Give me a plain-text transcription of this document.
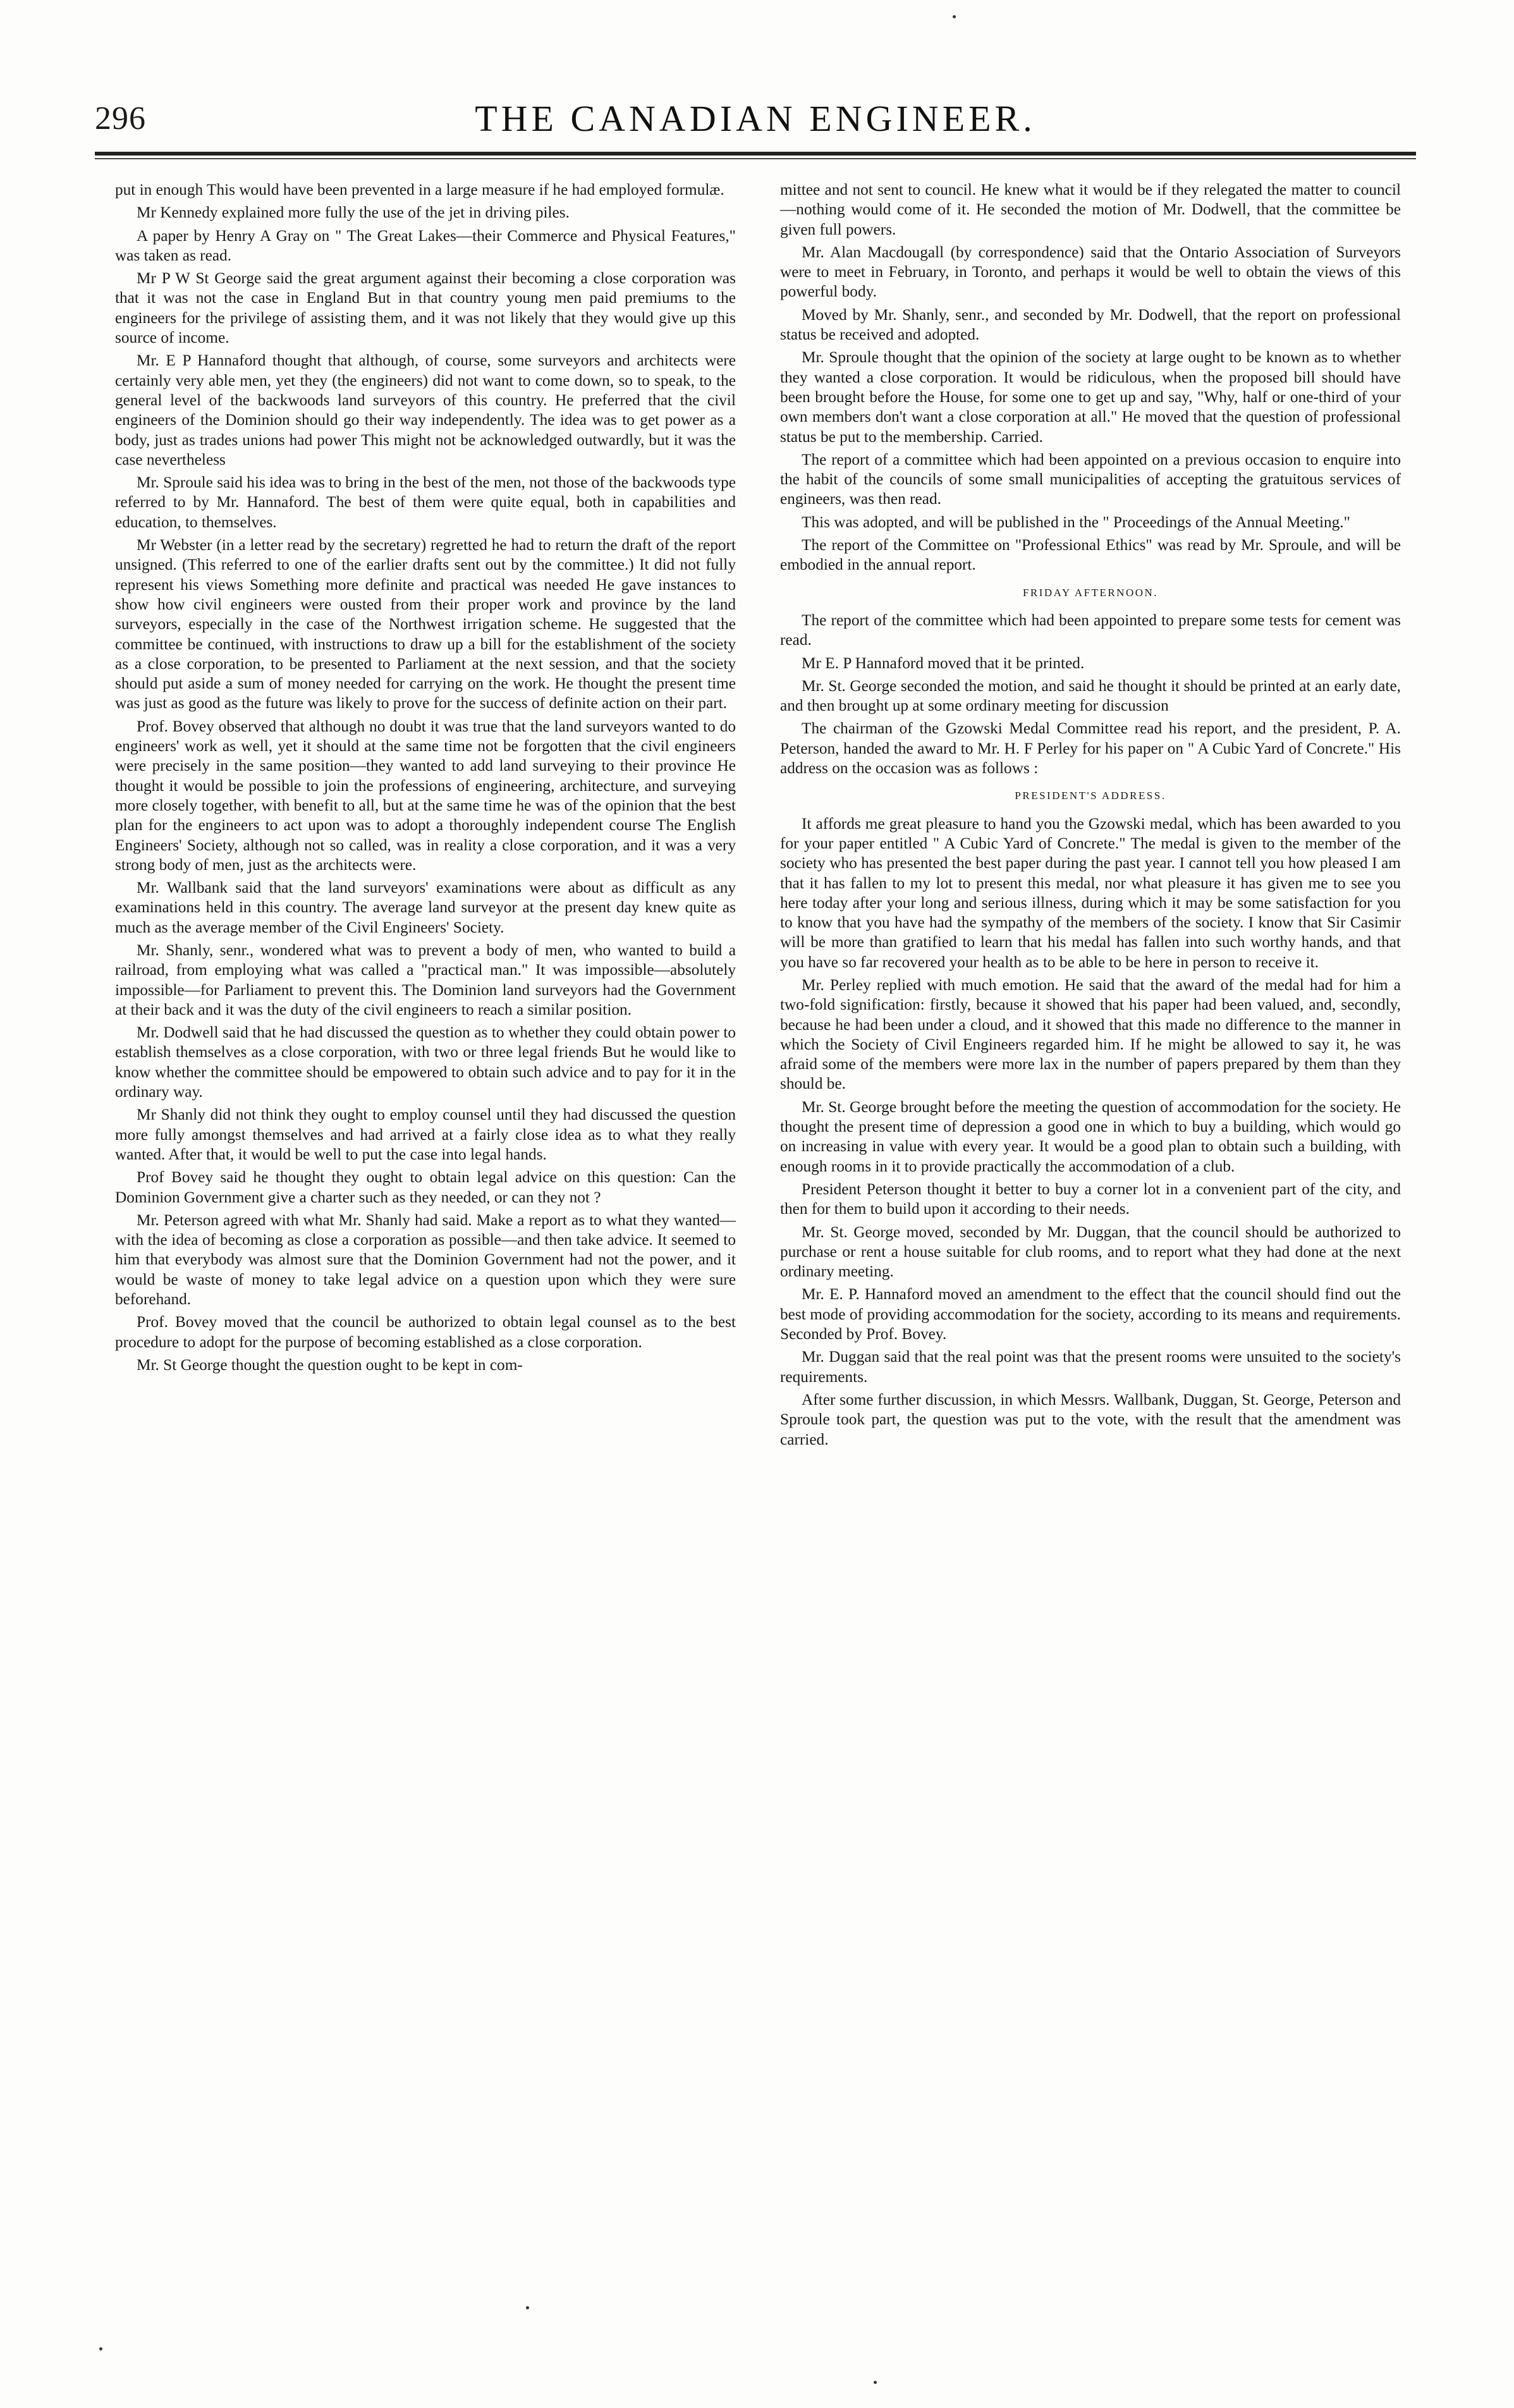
296	THE CANADIAN ENGINEER.

put in enough This would have been prevented in a large measure if he had employed formulæ.

Mr Kennedy explained more fully the use of the jet in driving piles.

A paper by Henry A Gray on " The Great Lakes—their Commerce and Physical Features," was taken as read.

Mr P W St George said the great argument against their becoming a close corporation was that it was not the case in England But in that country young men paid premiums to the engineers for the privilege of assisting them, and it was not likely that they would give up this source of income.

Mr. E P Hannaford thought that although, of course, some surveyors and architects were certainly very able men, yet they (the engineers) did not want to come down, so to speak, to the general level of the backwoods land surveyors of this country. He preferred that the civil engineers of the Dominion should go their way independently. The idea was to get power as a body, just as trades unions had power This might not be acknowledged outwardly, but it was the case nevertheless

Mr. Sproule said his idea was to bring in the best of the men, not those of the backwoods type referred to by Mr. Hannaford. The best of them were quite equal, both in capabilities and education, to themselves.

Mr Webster (in a letter read by the secretary) regretted he had to return the draft of the report unsigned. (This referred to one of the earlier drafts sent out by the committee.) It did not fully represent his views Something more definite and practical was needed He gave instances to show how civil engineers were ousted from their proper work and province by the land surveyors, especially in the case of the Northwest irrigation scheme. He suggested that the committee be continued, with instructions to draw up a bill for the establishment of the society as a close corporation, to be presented to Parliament at the next session, and that the society should put aside a sum of money needed for carrying on the work. He thought the present time was just as good as the future was likely to prove for the success of definite action on their part.

Prof. Bovey observed that although no doubt it was true that the land surveyors wanted to do engineers' work as well, yet it should at the same time not be forgotten that the civil engineers were precisely in the same position—they wanted to add land surveying to their province He thought it would be possible to join the professions of engineering, architecture, and surveying more closely together, with benefit to all, but at the same time he was of the opinion that the best plan for the engineers to act upon was to adopt a thoroughly independent course The English Engineers' Society, although not so called, was in reality a close corporation, and it was a very strong body of men, just as the architects were.

Mr. Wallbank said that the land surveyors' examinations were about as difficult as any examinations held in this country. The average land surveyor at the present day knew quite as much as the average member of the Civil Engineers' Society.

Mr. Shanly, senr., wondered what was to prevent a body of men, who wanted to build a railroad, from employing what was called a "practical man." It was impossible—absolutely impossible—for Parliament to prevent this. The Dominion land surveyors had the Government at their back and it was the duty of the civil engineers to reach a similar position.

Mr. Dodwell said that he had discussed the question as to whether they could obtain power to establish themselves as a close corporation, with two or three legal friends But he would like to know whether the committee should be empowered to obtain such advice and to pay for it in the ordinary way.

Mr Shanly did not think they ought to employ counsel until they had discussed the question more fully amongst themselves and had arrived at a fairly close idea as to what they really wanted. After that, it would be well to put the case into legal hands.

Prof Bovey said he thought they ought to obtain legal advice on this question: Can the Dominion Government give a charter such as they needed, or can they not ?

Mr. Peterson agreed with what Mr. Shanly had said. Make a report as to what they wanted—with the idea of becoming as close a corporation as possible—and then take advice. It seemed to him that everybody was almost sure that the Dominion Government had not the power, and it would be waste of money to take legal advice on a question upon which they were sure beforehand.

Prof. Bovey moved that the council be authorized to obtain legal counsel as to the best procedure to adopt for the purpose of becoming established as a close corporation.

Mr. St George thought the question ought to be kept in com-

mittee and not sent to council. He knew what it would be if they relegated the matter to council—nothing would come of it. He seconded the motion of Mr. Dodwell, that the committee be given full powers.

Mr. Alan Macdougall (by correspondence) said that the Ontario Association of Surveyors were to meet in February, in Toronto, and perhaps it would be well to obtain the views of this powerful body.

Moved by Mr. Shanly, senr., and seconded by Mr. Dodwell, that the report on professional status be received and adopted.

Mr. Sproule thought that the opinion of the society at large ought to be known as to whether they wanted a close corporation. It would be ridiculous, when the proposed bill should have been brought before the House, for some one to get up and say, "Why, half or one-third of your own members don't want a close corporation at all." He moved that the question of professional status be put to the membership. Carried.

The report of a committee which had been appointed on a previous occasion to enquire into the habit of the councils of some small municipalities of accepting the gratuitous services of engineers, was then read.

This was adopted, and will be published in the " Proceedings of the Annual Meeting."

The report of the Committee on "Professional Ethics" was read by Mr. Sproule, and will be embodied in the annual report.

FRIDAY AFTERNOON.

The report of the committee which had been appointed to prepare some tests for cement was read.

Mr E. P Hannaford moved that it be printed.

Mr. St. George seconded the motion, and said he thought it should be printed at an early date, and then brought up at some ordinary meeting for discussion

The chairman of the Gzowski Medal Committee read his report, and the president, P. A. Peterson, handed the award to Mr. H. F Perley for his paper on " A Cubic Yard of Concrete." His address on the occasion was as follows :

PRESIDENT'S ADDRESS.

It affords me great pleasure to hand you the Gzowski medal, which has been awarded to you for your paper entitled " A Cubic Yard of Concrete." The medal is given to the member of the society who has presented the best paper during the past year. I cannot tell you how pleased I am that it has fallen to my lot to present this medal, nor what pleasure it has given me to see you here today after your long and serious illness, during which it may be some satisfaction for you to know that you have had the sympathy of the members of the society. I know that Sir Casimir will be more than gratified to learn that his medal has fallen into such worthy hands, and that you have so far recovered your health as to be able to be here in person to receive it.

Mr. Perley replied with much emotion. He said that the award of the medal had for him a two-fold signification: firstly, because it showed that his paper had been valued, and, secondly, because he had been under a cloud, and it showed that this made no difference to the manner in which the Society of Civil Engineers regarded him. If he might be allowed to say it, he was afraid some of the members were more lax in the number of papers prepared by them than they should be.

Mr. St. George brought before the meeting the question of accommodation for the society. He thought the present time of depression a good one in which to buy a building, which would go on increasing in value with every year. It would be a good plan to obtain such a building, with enough rooms in it to provide practically the accommodation of a club.

President Peterson thought it better to buy a corner lot in a convenient part of the city, and then for them to build upon it according to their needs.

Mr. St. George moved, seconded by Mr. Duggan, that the council should be authorized to purchase or rent a house suitable for club rooms, and to report what they had done at the next ordinary meeting.

Mr. E. P. Hannaford moved an amendment to the effect that the council should find out the best mode of providing accommodation for the society, according to its means and requirements. Seconded by Prof. Bovey.

Mr. Duggan said that the real point was that the present rooms were unsuited to the society's requirements.

After some further discussion, in which Messrs. Wallbank, Duggan, St. George, Peterson and Sproule took part, the question was put to the vote, with the result that the amendment was carried.
